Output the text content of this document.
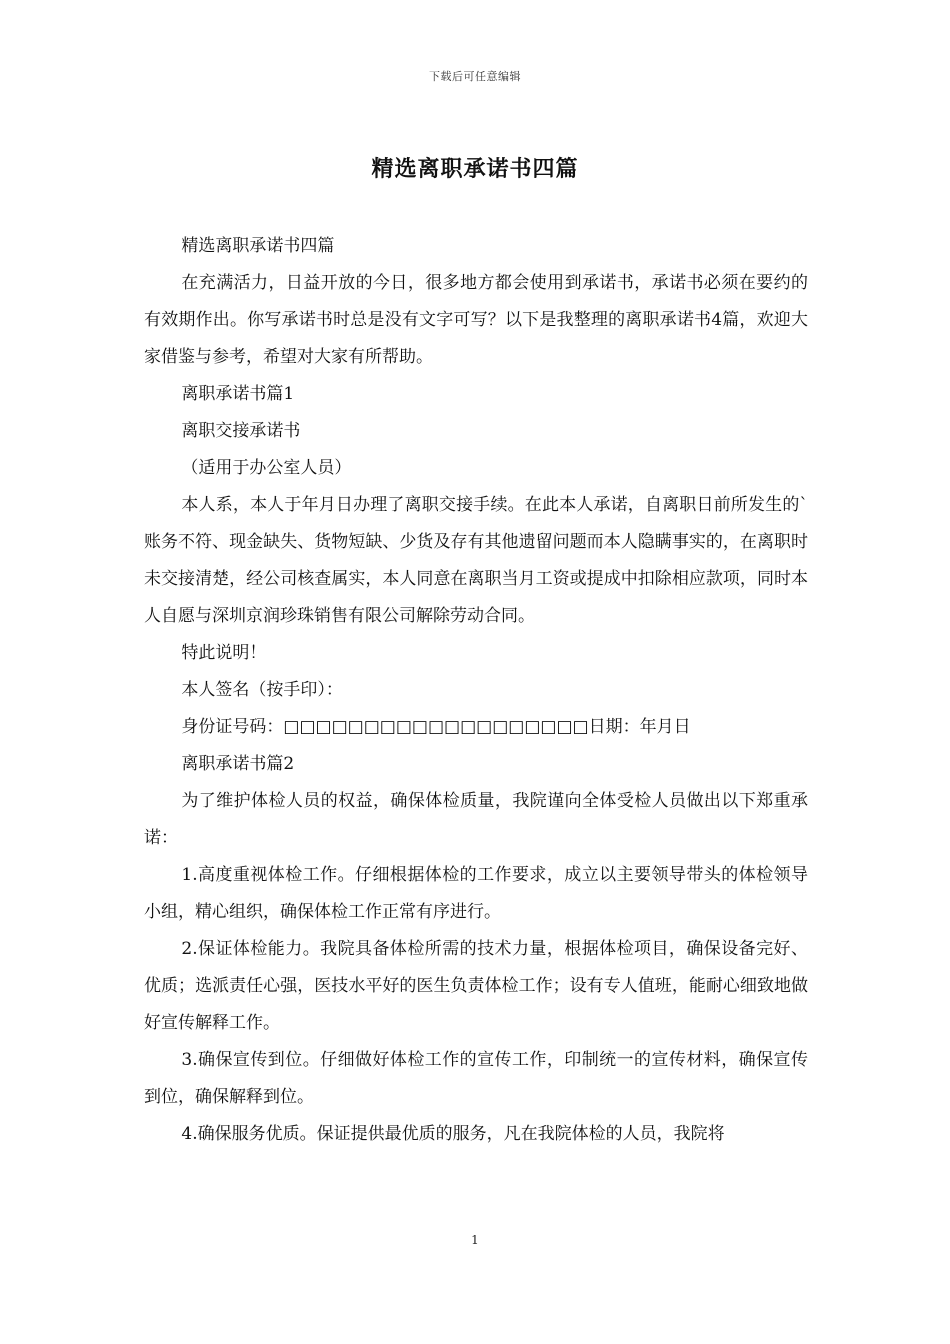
下载后可任意编辑
精选离职承诺书四篇

精选离职承诺书四篇

在充满活力，日益开放的今日，很多地方都会使用到承诺书，承诺书必须在要约的有效期作出。你写承诺书时总是没有文字可写？以下是我整理的离职承诺书4篇，欢迎大家借鉴与参考，希望对大家有所帮助。

离职承诺书篇1

离职交接承诺书

（适用于办公室人员）

本人系，本人于年月日办理了离职交接手续。在此本人承诺，自离职日前所发生的`账务不符、现金缺失、货物短缺、少货及存有其他遗留问题而本人隐瞒事实的，在离职时未交接清楚，经公司核查属实，本人同意在离职当月工资或提成中扣除相应款项，同时本人自愿与深圳京润珍珠销售有限公司解除劳动合同。

特此说明！

本人签名（按手印）：

身份证号码：□□□□□□□□□□□□□□□□□□□日期：年月日

离职承诺书篇2

为了维护体检人员的权益，确保体检质量，我院谨向全体受检人员做出以下郑重承诺：

1.高度重视体检工作。仔细根据体检的工作要求，成立以主要领导带头的体检领导小组，精心组织，确保体检工作正常有序进行。

2.保证体检能力。我院具备体检所需的技术力量，根据体检项目，确保设备完好、优质；选派责任心强，医技水平好的医生负责体检工作；设有专人值班，能耐心细致地做好宣传解释工作。

3.确保宣传到位。仔细做好体检工作的宣传工作，印制统一的宣传材料，确保宣传到位，确保解释到位。

4.确保服务优质。保证提供最优质的服务，凡在我院体检的人员，我院将

1
